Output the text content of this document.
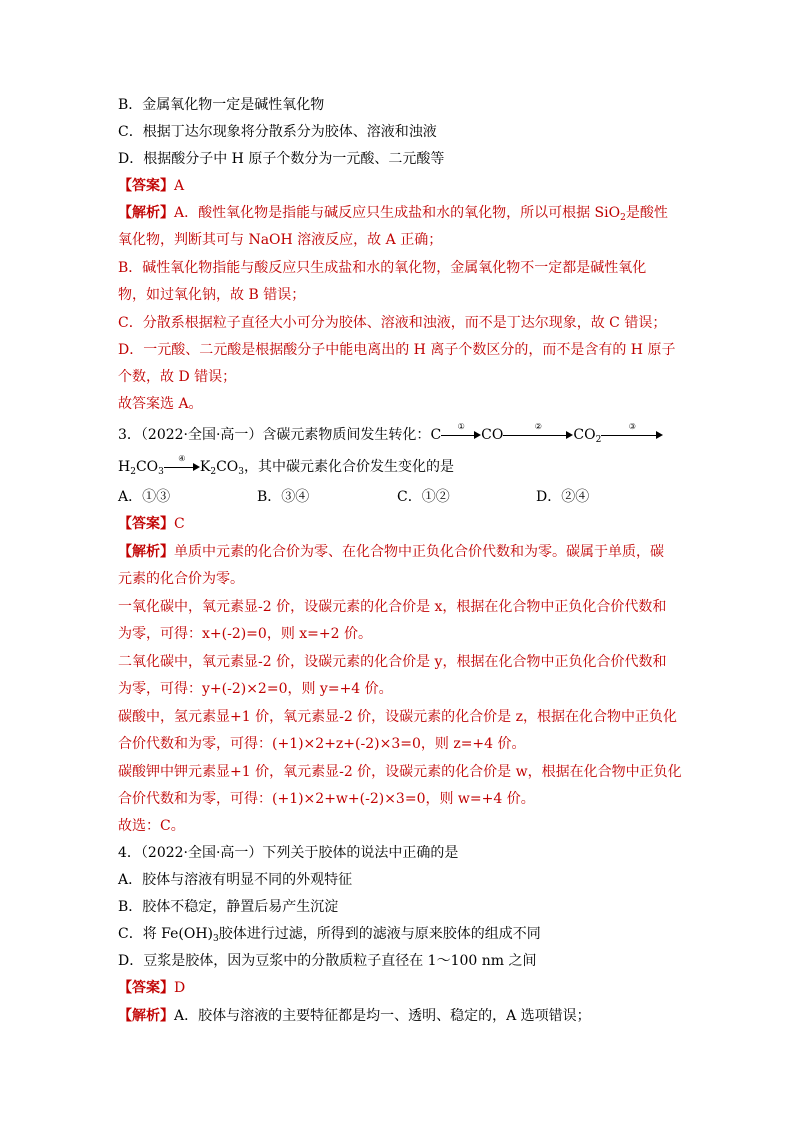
B．金属氧化物一定是碱性氧化物
C．根据丁达尔现象将分散系分为胶体、溶液和浊液
D．根据酸分子中 H 原子个数分为一元酸、二元酸等
【答案】A
【解析】A．酸性氧化物是指能与碱反应只生成盐和水的氧化物，所以可根据 SiO$_2$是酸性
氧化物，判断其可与 NaOH 溶液反应，故 A 正确；
B．碱性氧化物指能与酸反应只生成盐和水的氧化物，金属氧化物不一定都是碱性氧化
物，如过氧化钠，故 B 错误；
C．分散系根据粒子直径大小可分为胶体、溶液和浊液，而不是丁达尔现象，故 C 错误；
D．一元酸、二元酸是根据酸分子中能电离出的 H 离子个数区分的，而不是含有的 H 原子
个数，故 D 错误；
故答案选 A。
3．（2022·全国·高一）含碳元素物质间发生转化：C
①
CO
②
$CO_2$
③
$H_2CO_3$
④
$K_2CO_3$，其中碳元素化合价发生变化的是
A．①③	B．③④	C．①②	D．②④
【答案】C
【解析】单质中元素的化合价为零、在化合物中正负化合价代数和为零。碳属于单质，碳
元素的化合价为零。
一氧化碳中，氧元素显-2 价，设碳元素的化合价是 x，根据在化合物中正负化合价代数和
为零，可得：x+(-2)=0，则 x=+2 价。
二氧化碳中，氧元素显-2 价，设碳元素的化合价是 y，根据在化合物中正负化合价代数和
为零，可得：y+(-2)×2=0，则 y=+4 价。
碳酸中，氢元素显+1 价，氧元素显-2 价，设碳元素的化合价是 z，根据在化合物中正负化
合价代数和为零，可得：(+1)×2+z+(-2)×3=0，则 z=+4 价。
碳酸钾中钾元素显+1 价，氧元素显-2 价，设碳元素的化合价是 w，根据在化合物中正负化
合价代数和为零，可得：(+1)×2+w+(-2)×3=0，则 w=+4 价。
故选：C。
4．（2022·全国·高一）下列关于胶体的说法中正确的是
A．胶体与溶液有明显不同的外观特征
B．胶体不稳定，静置后易产生沉淀
C．将 $Fe(OH)_3$胶体进行过滤，所得到的滤液与原来胶体的组成不同
D．豆浆是胶体，因为豆浆中的分散质粒子直径在 1～100 nm 之间
【答案】D
【解析】A．胶体与溶液的主要特征都是均一、透明、稳定的，A 选项错误；
